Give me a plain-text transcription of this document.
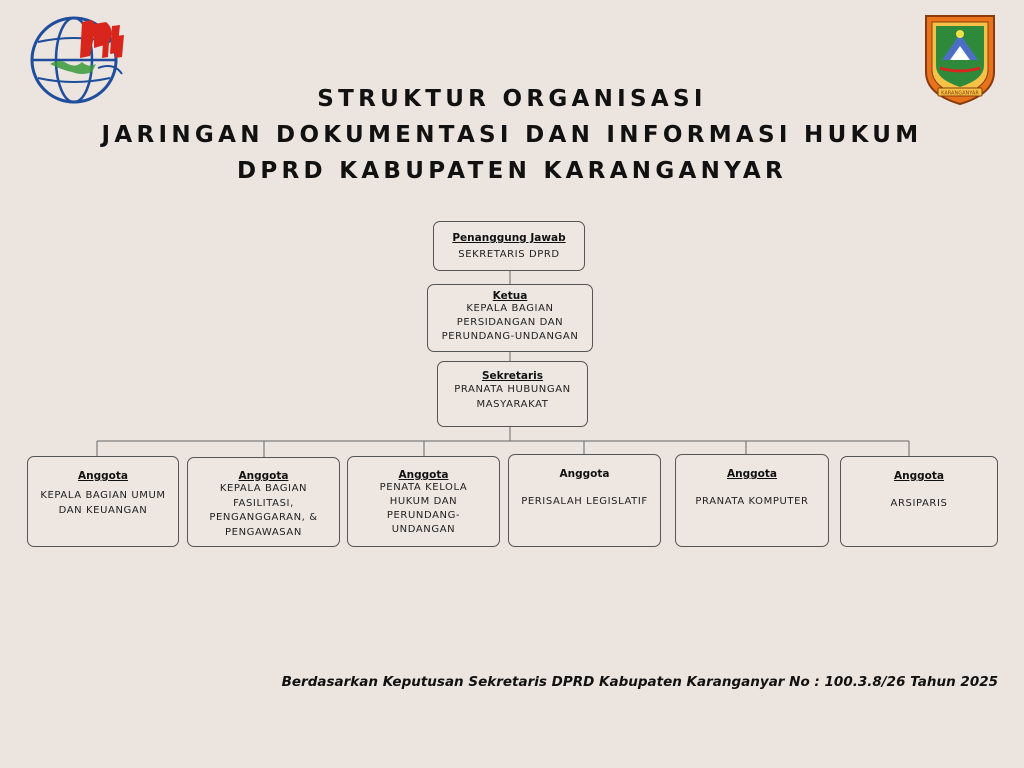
KARANGANYAR
STRUKTUR ORGANISASI
JARINGAN DOKUMENTASI DAN INFORMASI HUKUM
DPRD KABUPATEN KARANGANYAR
Penanggung Jawab
SEKRETARIS DPRD
Ketua
KEPALA BAGIAN
PERSIDANGAN DAN
PERUNDANG-UNDANGAN
Sekretaris
PRANATA HUBUNGAN
MASYARAKAT
Anggota
KEPALA BAGIAN UMUM
DAN KEUANGAN
Anggota
KEPALA BAGIAN
FASILITASI,
PENGANGGARAN, &
PENGAWASAN
Anggota
PENATA KELOLA
HUKUM DAN
PERUNDANG-
UNDANGAN
Anggota
PERISALAH LEGISLATIF
Anggota
PRANATA KOMPUTER
Anggota
ARSIPARIS
Berdasarkan Keputusan Sekretaris DPRD Kabupaten Karanganyar No : 100.3.8/26 Tahun 2025
